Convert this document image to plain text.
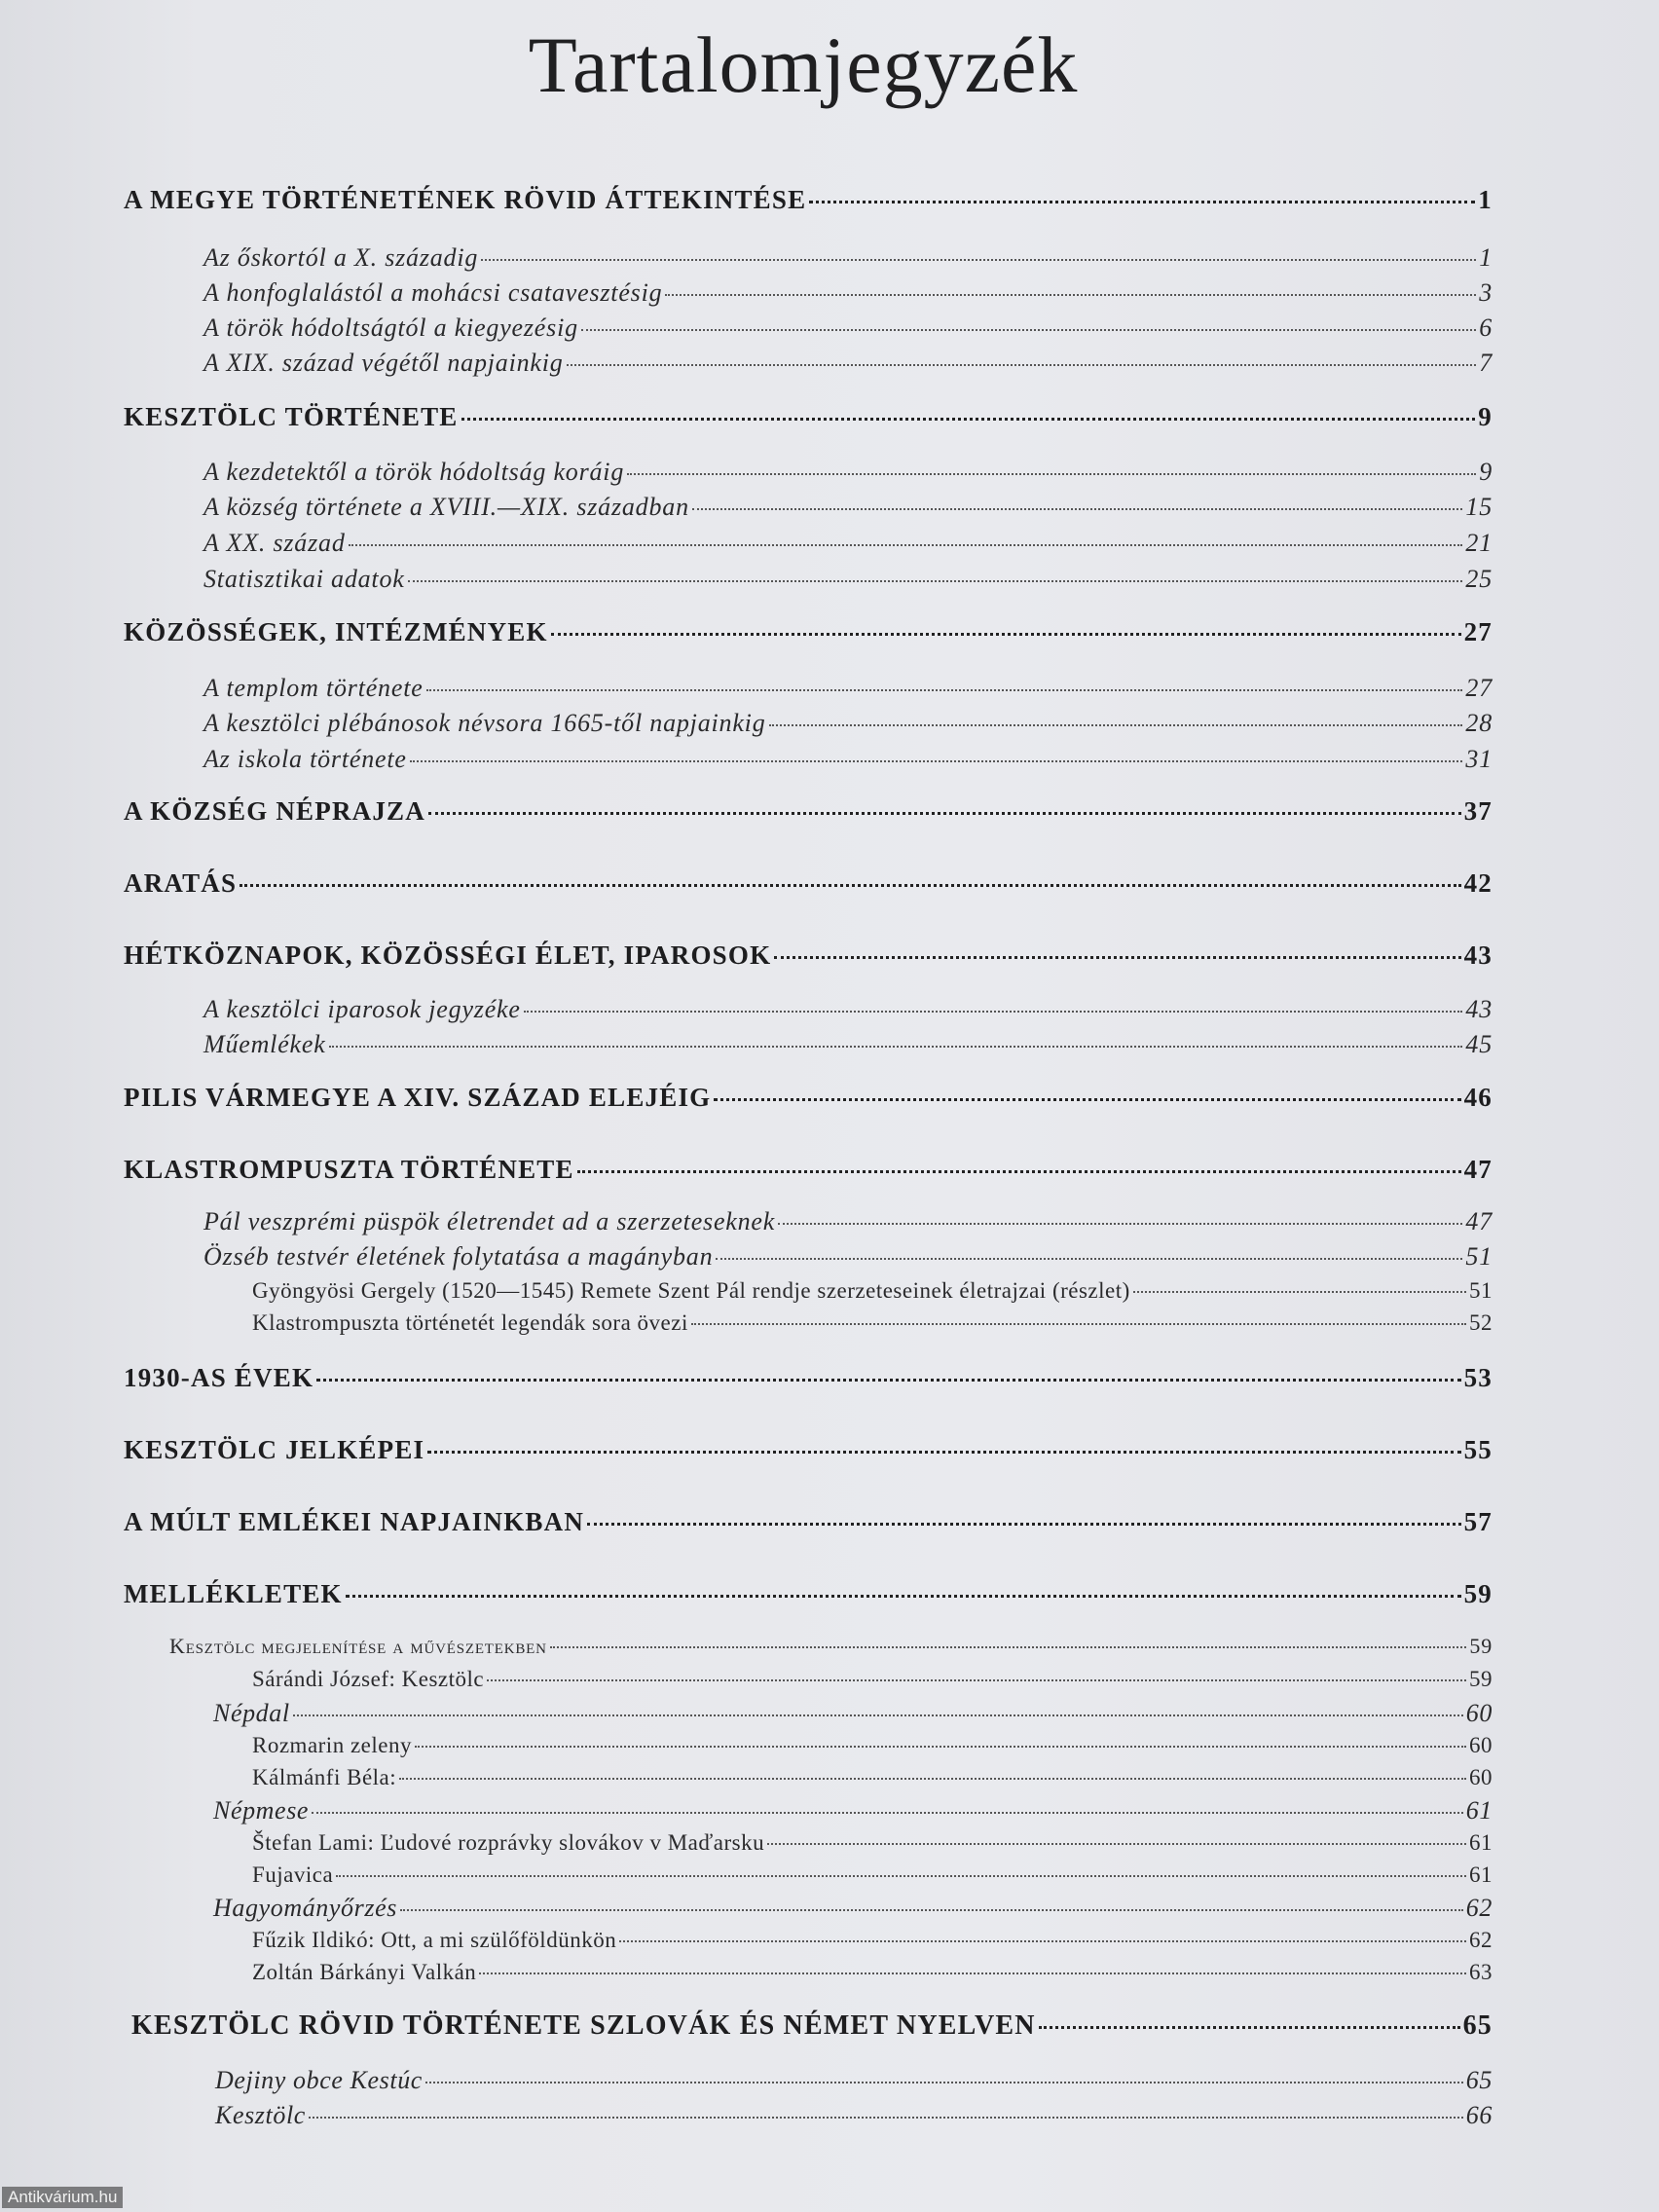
Tartalomjegyzék
A MEGYE TÖRTÉNETÉNEK RÖVID ÁTTEKINTÉSE	1
Az őskortól a X. századig	1
A honfoglalástól a mohácsi csatavesztésig	3
A török hódoltságtól a kiegyezésig	6
A XIX. század végétől napjainkig	7
KESZTÖLC TÖRTÉNETE	9
A kezdetektől a török hódoltság koráig	9
A község története a XVIII.—XIX. században	15
A XX. század	21
Statisztikai adatok	25
KÖZÖSSÉGEK, INTÉZMÉNYEK	27
A templom története	27
A kesztölci plébánosok névsora 1665-től napjainkig	28
Az iskola története	31
A KÖZSÉG NÉPRAJZA	37
ARATÁS	42
HÉTKÖZNAPOK, KÖZÖSSÉGI ÉLET, IPAROSOK	43
A kesztölci iparosok jegyzéke	43
Műemlékek	45
PILIS VÁRMEGYE A XIV. SZÁZAD ELEJÉIG	46
KLASTROMPUSZTA TÖRTÉNETE	47
Pál veszprémi püspök életrendet ad a szerzeteseknek	47
Özséb testvér életének folytatása a magányban	51
Gyöngyösi Gergely (1520—1545) Remete Szent Pál rendje szerzeteseinek életrajzai (részlet)	51
Klastrompuszta történetét legendák sora övezi	52
1930-AS ÉVEK	53
KESZTÖLC JELKÉPEI	55
A MÚLT EMLÉKEI NAPJAINKBAN	57
MELLÉKLETEK	59
Kesztölc megjelenítése a művészetekben	59
Sárándi József: Kesztölc	59
Népdal	60
Rozmarin zeleny	60
Kálmánfi Béla:	60
Népmese	61
Štefan Lami: Ľudové rozprávky slovákov v Maďarsku	61
Fujavica	61
Hagyományőrzés	62
Fűzik Ildikó: Ott, a mi szülőföldünkön	62
Zoltán Bárkányi Valkán	63
KESZTÖLC RÖVID TÖRTÉNETE SZLOVÁK ÉS NÉMET NYELVEN	65
Dejiny obce Kestúc	65
Kesztölc	66
Antikvárium.hu
